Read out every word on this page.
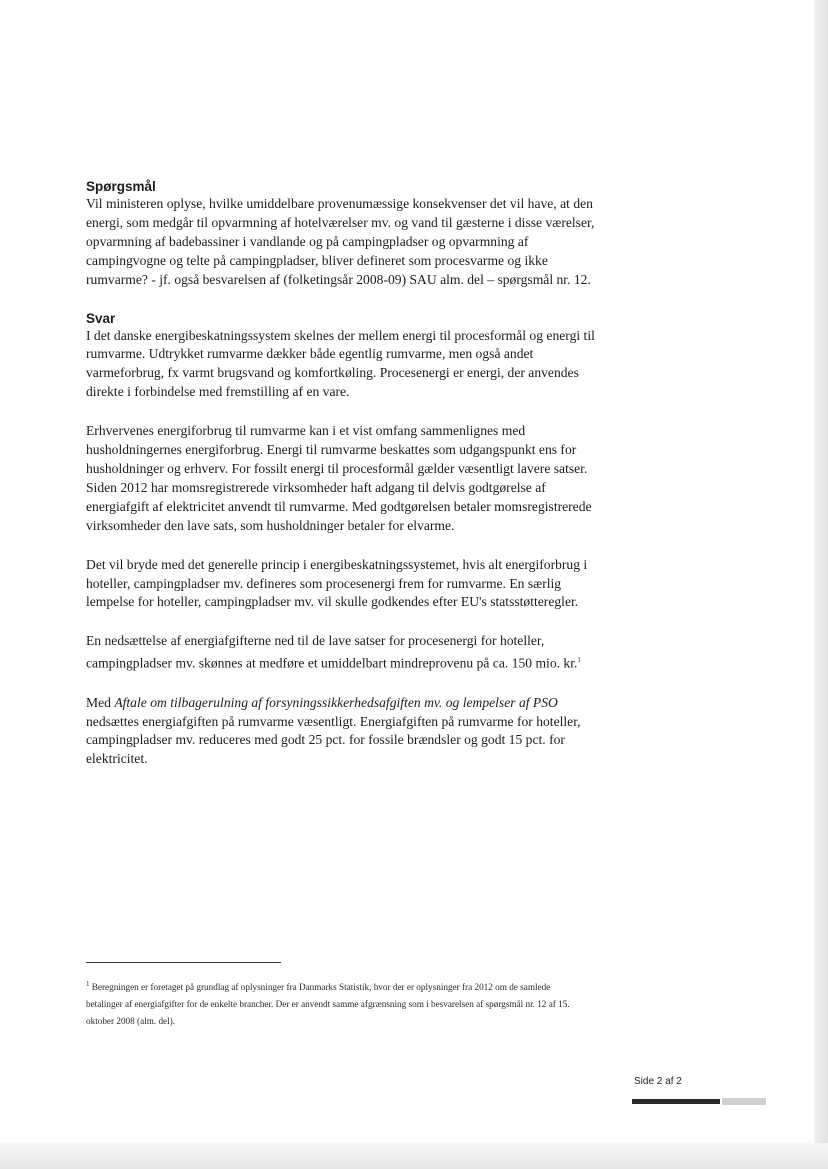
Spørgsmål

Vil ministeren oplyse, hvilke umiddelbare provenumæssige konsekvenser det vil have, at den energi, som medgår til opvarmning af hotelværelser mv. og vand til gæsterne i disse værelser, opvarmning af badebassiner i vandlande og på campingpladser og opvarmning af campingvogne og telte på campingpladser, bliver defineret som procesvarme og ikke rumvarme? - jf. også besvarelsen af (folketingsår 2008-09) SAU alm. del – spørgsmål nr. 12.

Svar

I det danske energibeskatningssystem skelnes der mellem energi til procesformål og energi til rumvarme. Udtrykket rumvarme dækker både egentlig rumvarme, men også andet varmeforbrug, fx varmt brugsvand og komfortkøling. Procesenergi er energi, der anvendes direkte i forbindelse med fremstilling af en vare.

Erhvervenes energiforbrug til rumvarme kan i et vist omfang sammenlignes med husholdningernes energiforbrug. Energi til rumvarme beskattes som udgangspunkt ens for husholdninger og erhverv. For fossilt energi til procesformål gælder væsentligt lavere satser. Siden 2012 har momsregistrerede virksomheder haft adgang til delvis godtgørelse af energiafgift af elektricitet anvendt til rumvarme. Med godtgørelsen betaler momsregistrerede virksomheder den lave sats, som husholdninger betaler for elvarme.

Det vil bryde med det generelle princip i energibeskatningssystemet, hvis alt energiforbrug i hoteller, campingpladser mv. defineres som procesenergi frem for rumvarme. En særlig lempelse for hoteller, campingpladser mv. vil skulle godkendes efter EU's statsstøtteregler.

En nedsættelse af energiafgifterne ned til de lave satser for procesenergi for hoteller, campingpladser mv. skønnes at medføre et umiddelbart mindreprovenu på ca. 150 mio. kr.$^1$

Med Aftale om tilbagerulning af forsyningssikkerhedsafgiften mv. og lempelser af PSO nedsættes energiafgiften på rumvarme væsentligt. Energiafgiften på rumvarme for hoteller, campingpladser mv. reduceres med godt 25 pct. for fossile brændsler og godt 15 pct. for elektricitet.

$^1$ Beregningen er foretaget på grundlag af oplysninger fra Danmarks Statistik, hvor der er oplysninger fra 2012 om de samlede betalinger af energiafgifter for de enkelte brancher. Der er anvendt samme afgrænsning som i besvarelsen af spørgsmål nr. 12 af 15. oktober 2008 (alm. del).
Side 2 af 2
